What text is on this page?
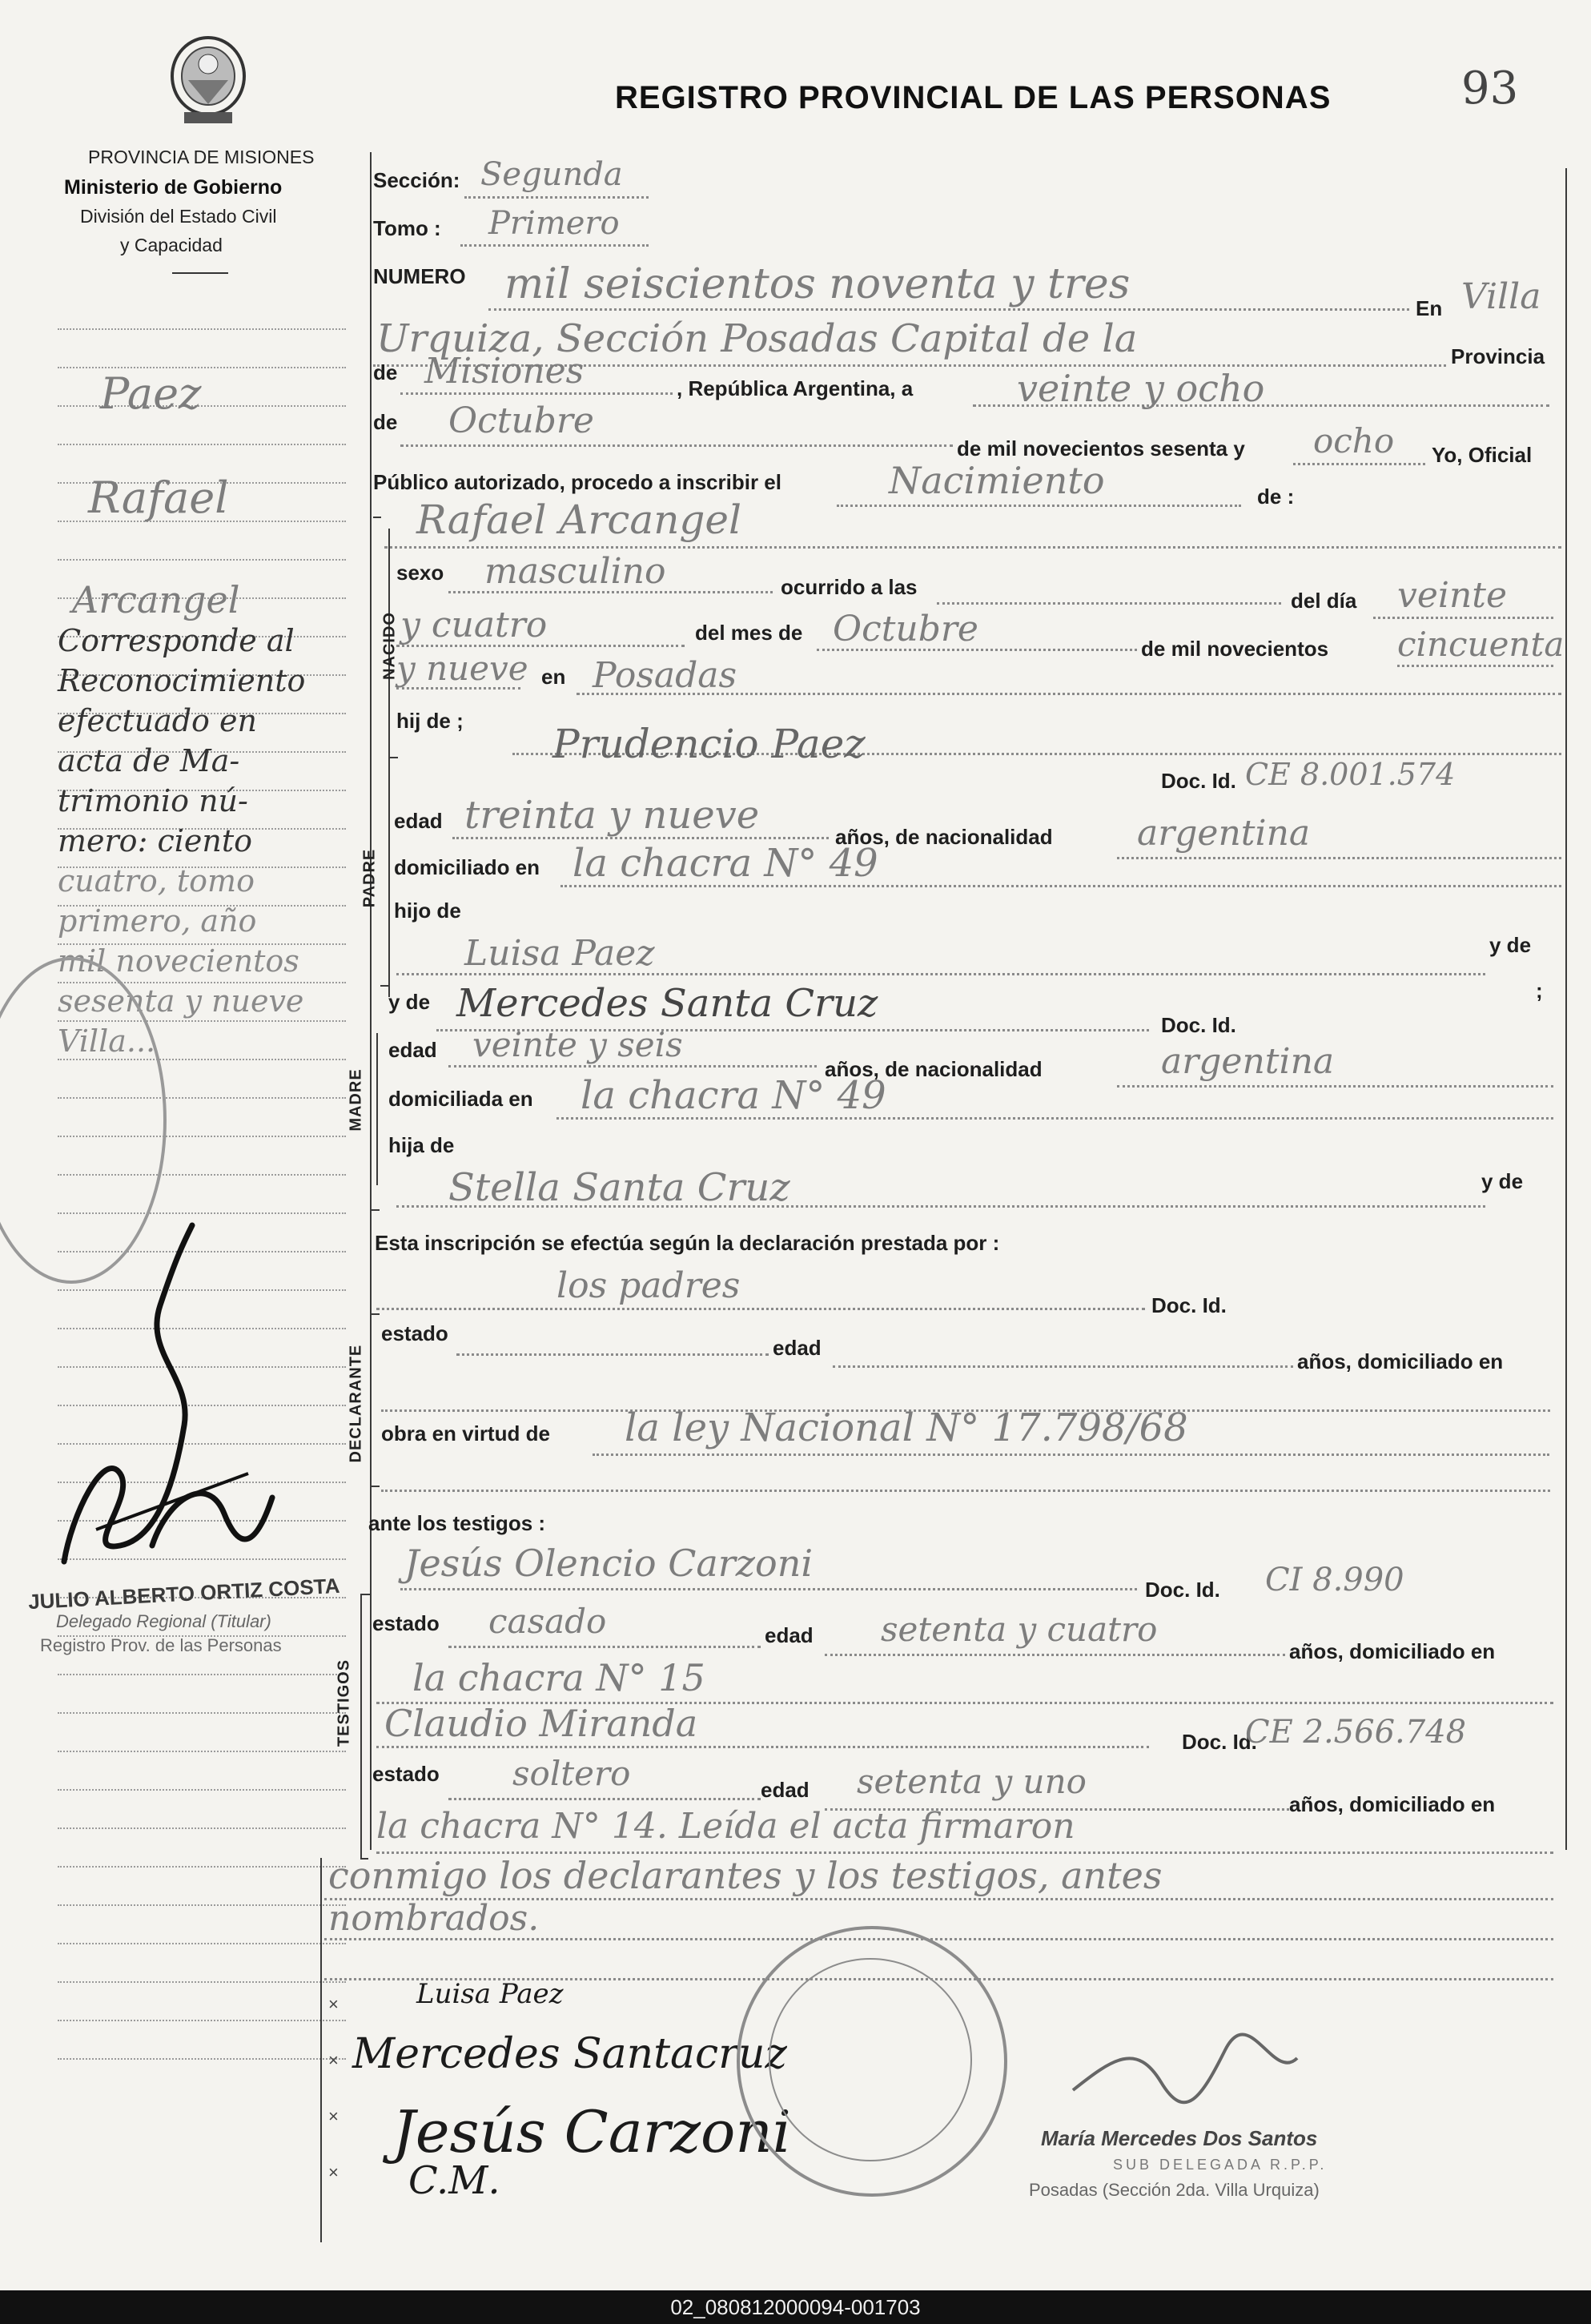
PROVINCIA DE MISIONES
Ministerio de Gobierno
División del Estado Civil
y Capacidad
REGISTRO PROVINCIAL DE LAS PERSONAS	93
Sección: Segunda
Tomo : Primero
NUMERO mil seiscientos noventa y tres	En Villa
Urquiza, Sección Posadas Capital de la	Provincia
de Misiones	, República Argentina, a	veinte y ocho
de Octubre
de mil novecientos sesenta y ocho Yo, Oficial
Público autorizado, procedo a inscribir el	Nacimiento	de :
Rafael Arcangel
NACIDO
sexo masculino	ocurrido a las
del día veinte
y cuatro	del mes de Octubre	de mil novecientos cincuenta
y nueve en Posadas
hij de ; Prudencio Paez
Doc. Id. CE 8.001.574
PADRE
edad treinta y nueve	años, de nacionalidad argentina
domiciliado en la chacra N° 49
hijo de
Luisa Paez	y de
;
y de Mercedes Santa Cruz	Doc. Id.
MADRE
edad veinte y seis
años, de nacionalidad	argentina
domiciliada en la chacra N° 49
hija de
Stella Santa Cruz	y de
Esta inscripción se efectúa según la declaración prestada por :
los padres	Doc. Id.
DECLARANTE
estado
edad
años, domiciliado en
obra en virtud de la ley Nacional N° 17.798/68
ante los testigos :
Jesús Olencio Carzoni
Doc. Id. CI 8.990
TESTIGOS
estado casado	edad setenta y cuatro
años, domiciliado en
la chacra N° 15
Claudio Miranda	Doc. Id.
CE 2.566.748
estado soltero	edad setenta y uno
años, domiciliado en
la chacra N° 14. Leída el acta firmaron
conmigo los declarantes y los testigos, antes
nombrados.
Paez
Rafael
Arcangel
Corresponde al
Reconocimiento
efectuado en
acta de Ma-
trimonio nú-
mero: ciento
cuatro, tomo
primero, año
mil novecientos
sesenta y nueve
Villa...
JULIO ALBERTO ORTIZ COSTA
Delegado Regional (Titular)
Registro Prov. de las Personas
Luisa Paez
Mercedes Santacruz
Jesús Carzoni
C.M.
María Mercedes Dos Santos
SUB DELEGADA R.P.P.
Posadas (Sección 2da. Villa Urquiza)
×
×
×
×
02_080812000094-001703
